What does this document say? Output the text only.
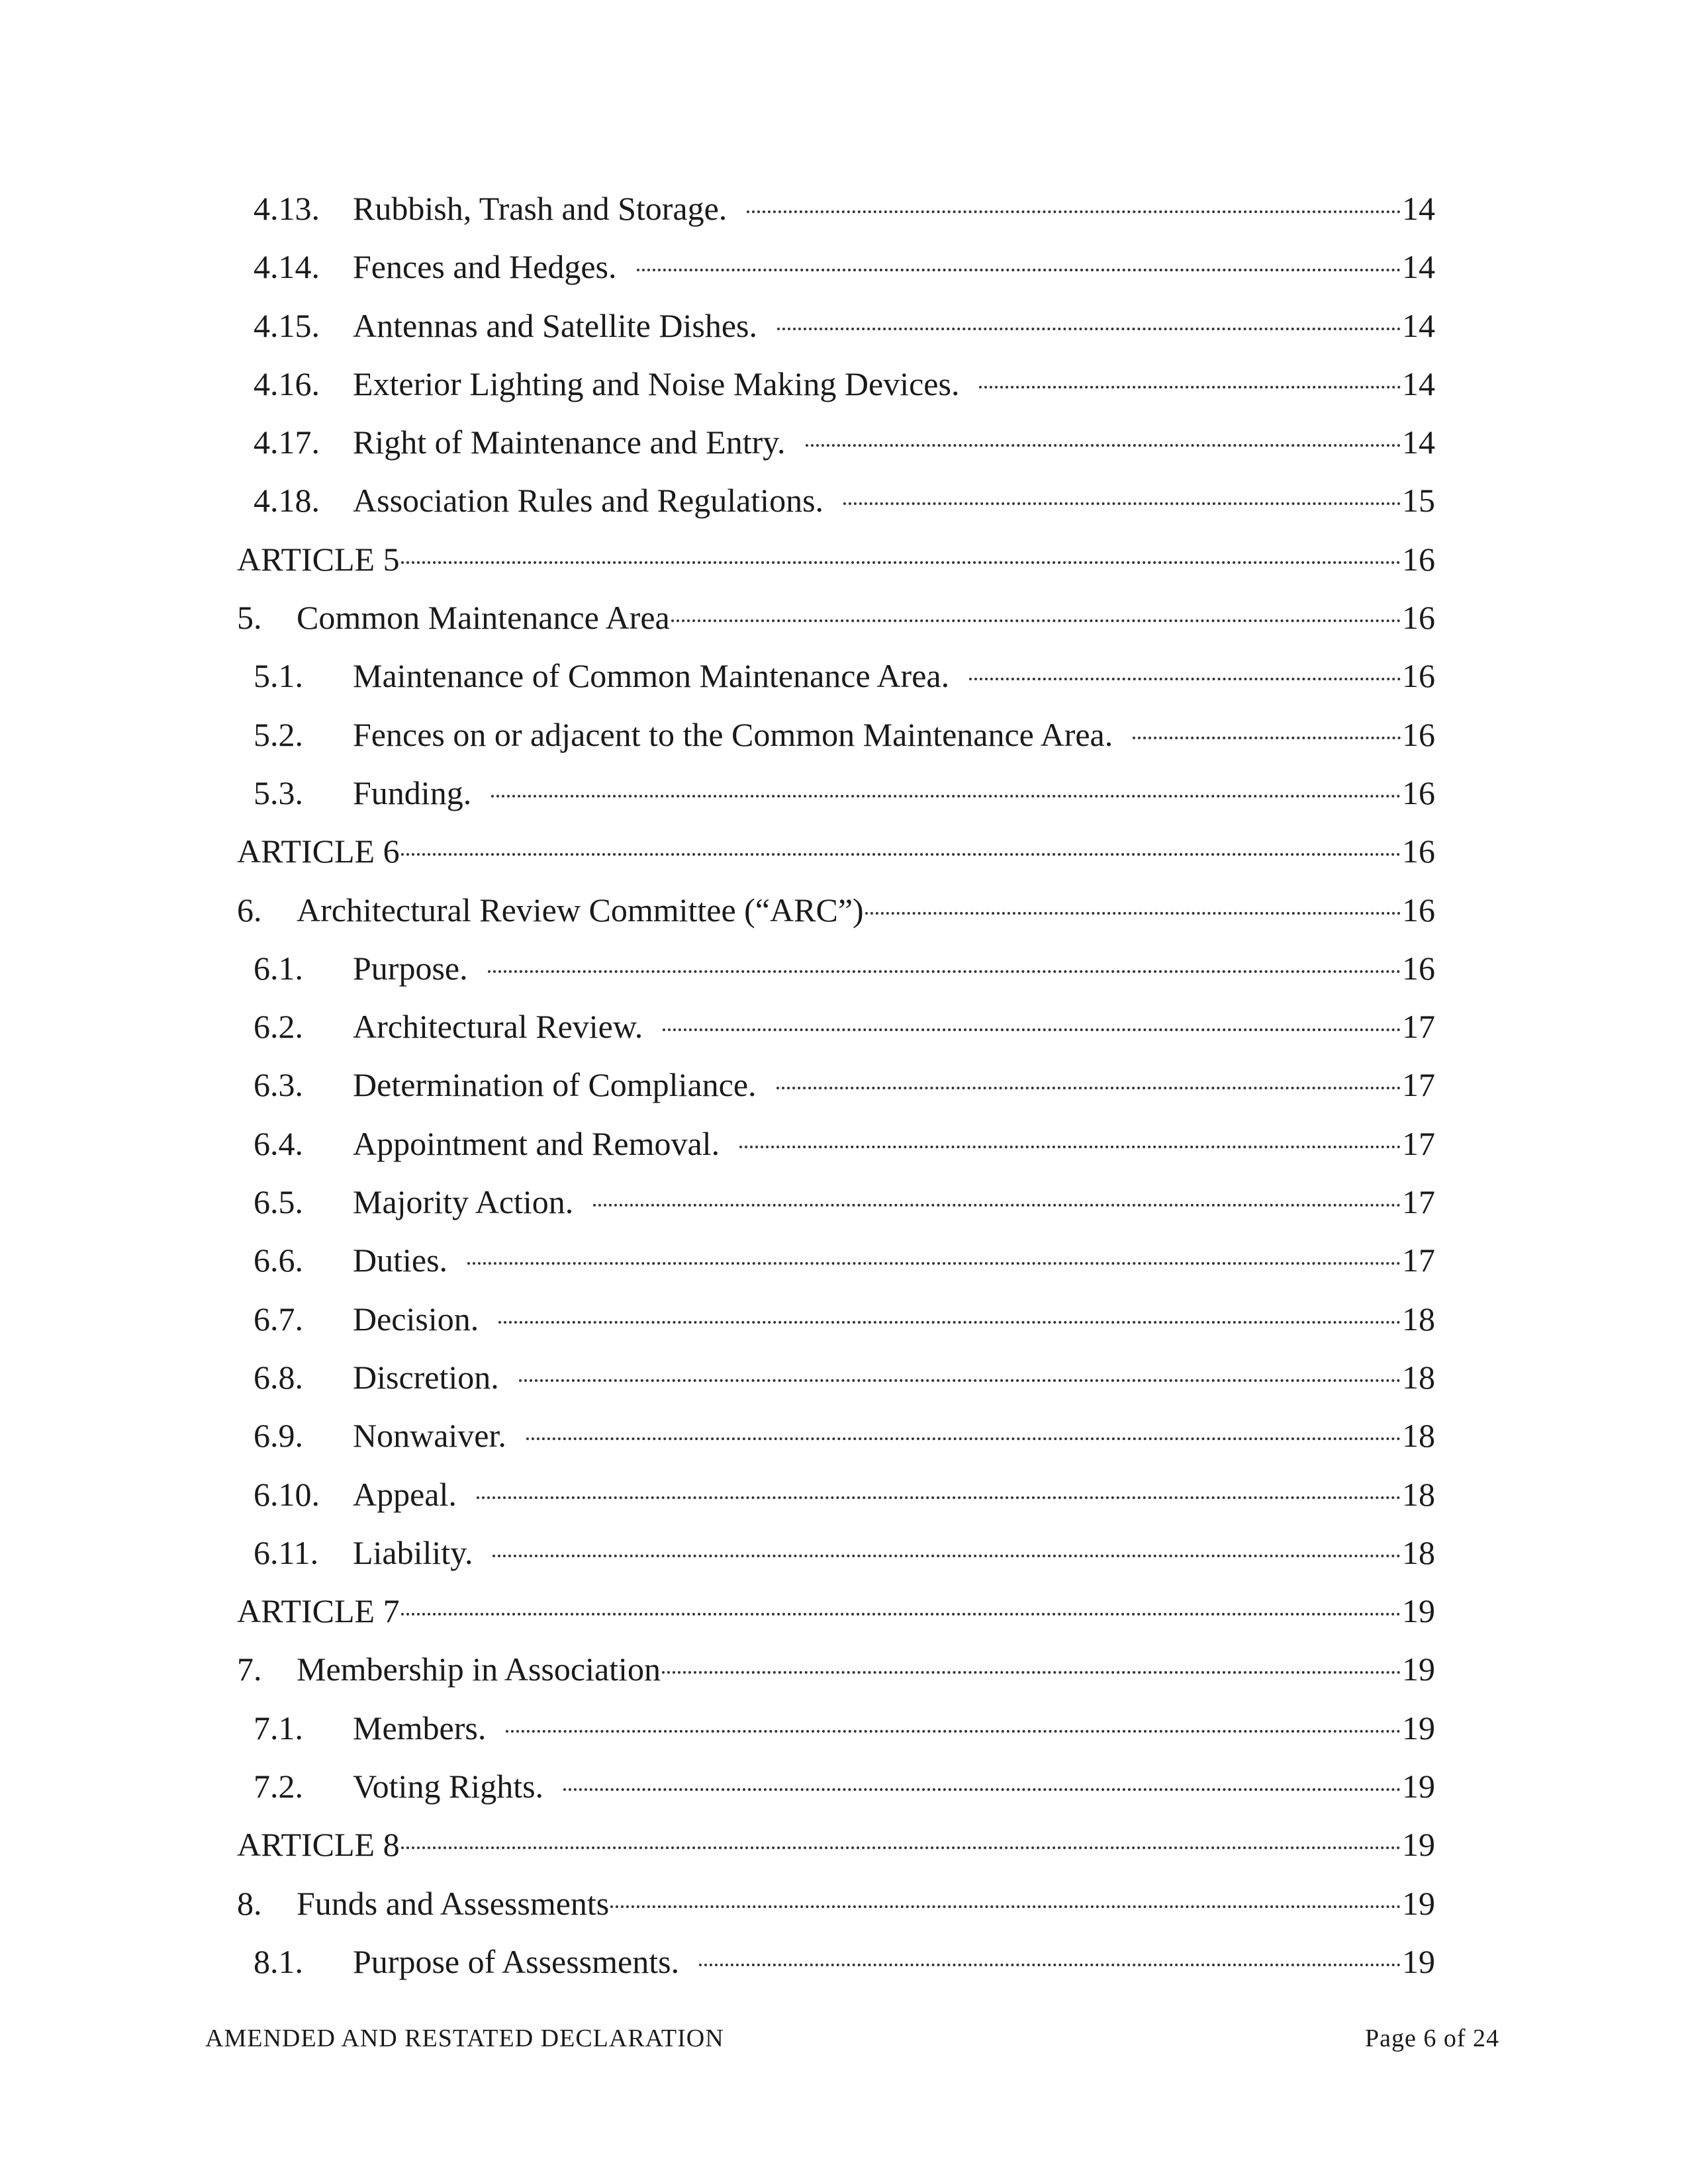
4.13.	Rubbish, Trash and Storage.	14
4.14.	Fences and Hedges.	14
4.15.	Antennas and Satellite Dishes.	14
4.16.	Exterior Lighting and Noise Making Devices.	14
4.17.	Right of Maintenance and Entry.	14
4.18.	Association Rules and Regulations.	15
ARTICLE 5	16
5.	Common Maintenance Area	16
5.1.	Maintenance of Common Maintenance Area.	16
5.2.	Fences on or adjacent to the Common Maintenance Area.	16
5.3.	Funding.	16
ARTICLE 6	16
6.	Architectural Review Committee (“ARC”)	16
6.1.	Purpose.	16
6.2.	Architectural Review.	17
6.3.	Determination of Compliance.	17
6.4.	Appointment and Removal.	17
6.5.	Majority Action.	17
6.6.	Duties.	17
6.7.	Decision.	18
6.8.	Discretion.	18
6.9.	Nonwaiver.	18
6.10.	Appeal.	18
6.11.	Liability.	18
ARTICLE 7	19
7.	Membership in Association	19
7.1.	Members.	19
7.2.	Voting Rights.	19
ARTICLE 8	19
8.	Funds and Assessments	19
8.1.	Purpose of Assessments.	19
AMENDED AND RESTATED DECLARATION	Page 6 of 24
